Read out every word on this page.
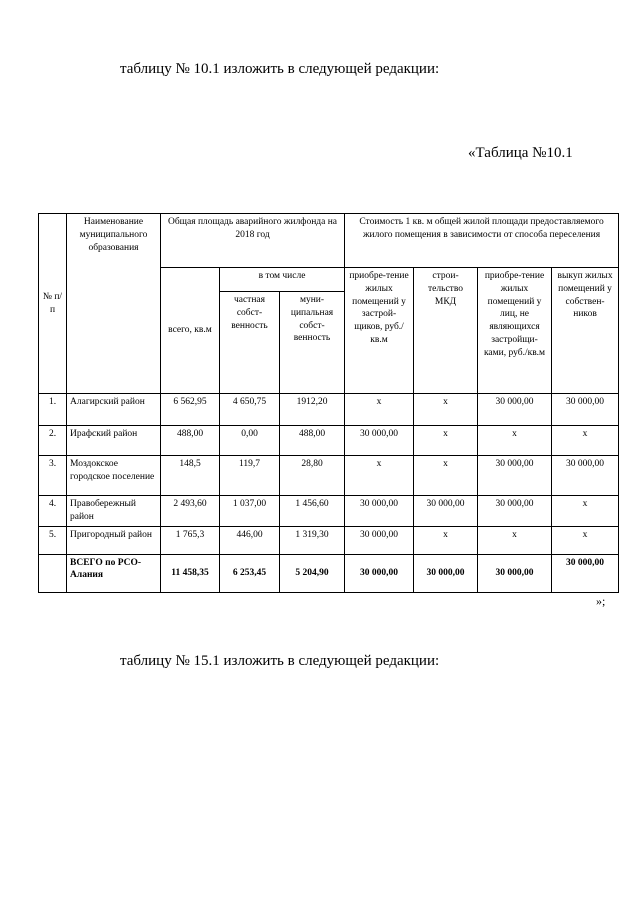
таблицу № 10.1 изложить в следующей редакции:
«Таблица №10.1
№ п/п	Наименование муниципального образования	Общая площадь аварийного жилфонда на 2018 год			Стоимость 1 кв. м общей жилой площади предоставляемого жилого помещения в зависимости от способа переселения			
		всего, кв.м	в том числе		приобре-тение жилых помещений у застрой-щиков, руб./кв.м	строи-тельство МКД	приобре-тение жилых помещений у лиц, не являющихся застройщи-ками, руб./кв.м	выкуп жилых помещений у собствен-ников
			частная собст-венность	муни-ципальная собст-венность				
1.	Алагирский район	6 562,95	4 650,75	1912,20	х	х	30 000,00	30 000,00
2.	Ирафский район	488,00	0,00	488,00	30 000,00	х	х	х
3.	Моздокское городское поселение	148,5	119,7	28,80	х	х	30 000,00	30 000,00
4.	Правобережный район	2 493,60	1 037,00	1 456,60	30 000,00	30 000,00	30 000,00	х
5.	Пригородный район	1 765,3	446,00	1 319,30	30 000,00	х	х	х
	ВСЕГО по РСО-Алания	11 458,35	6 253,45	5 204,90	30 000,00	30 000,00	30 000,00	30 000,00
»;
таблицу № 15.1 изложить в следующей редакции:
